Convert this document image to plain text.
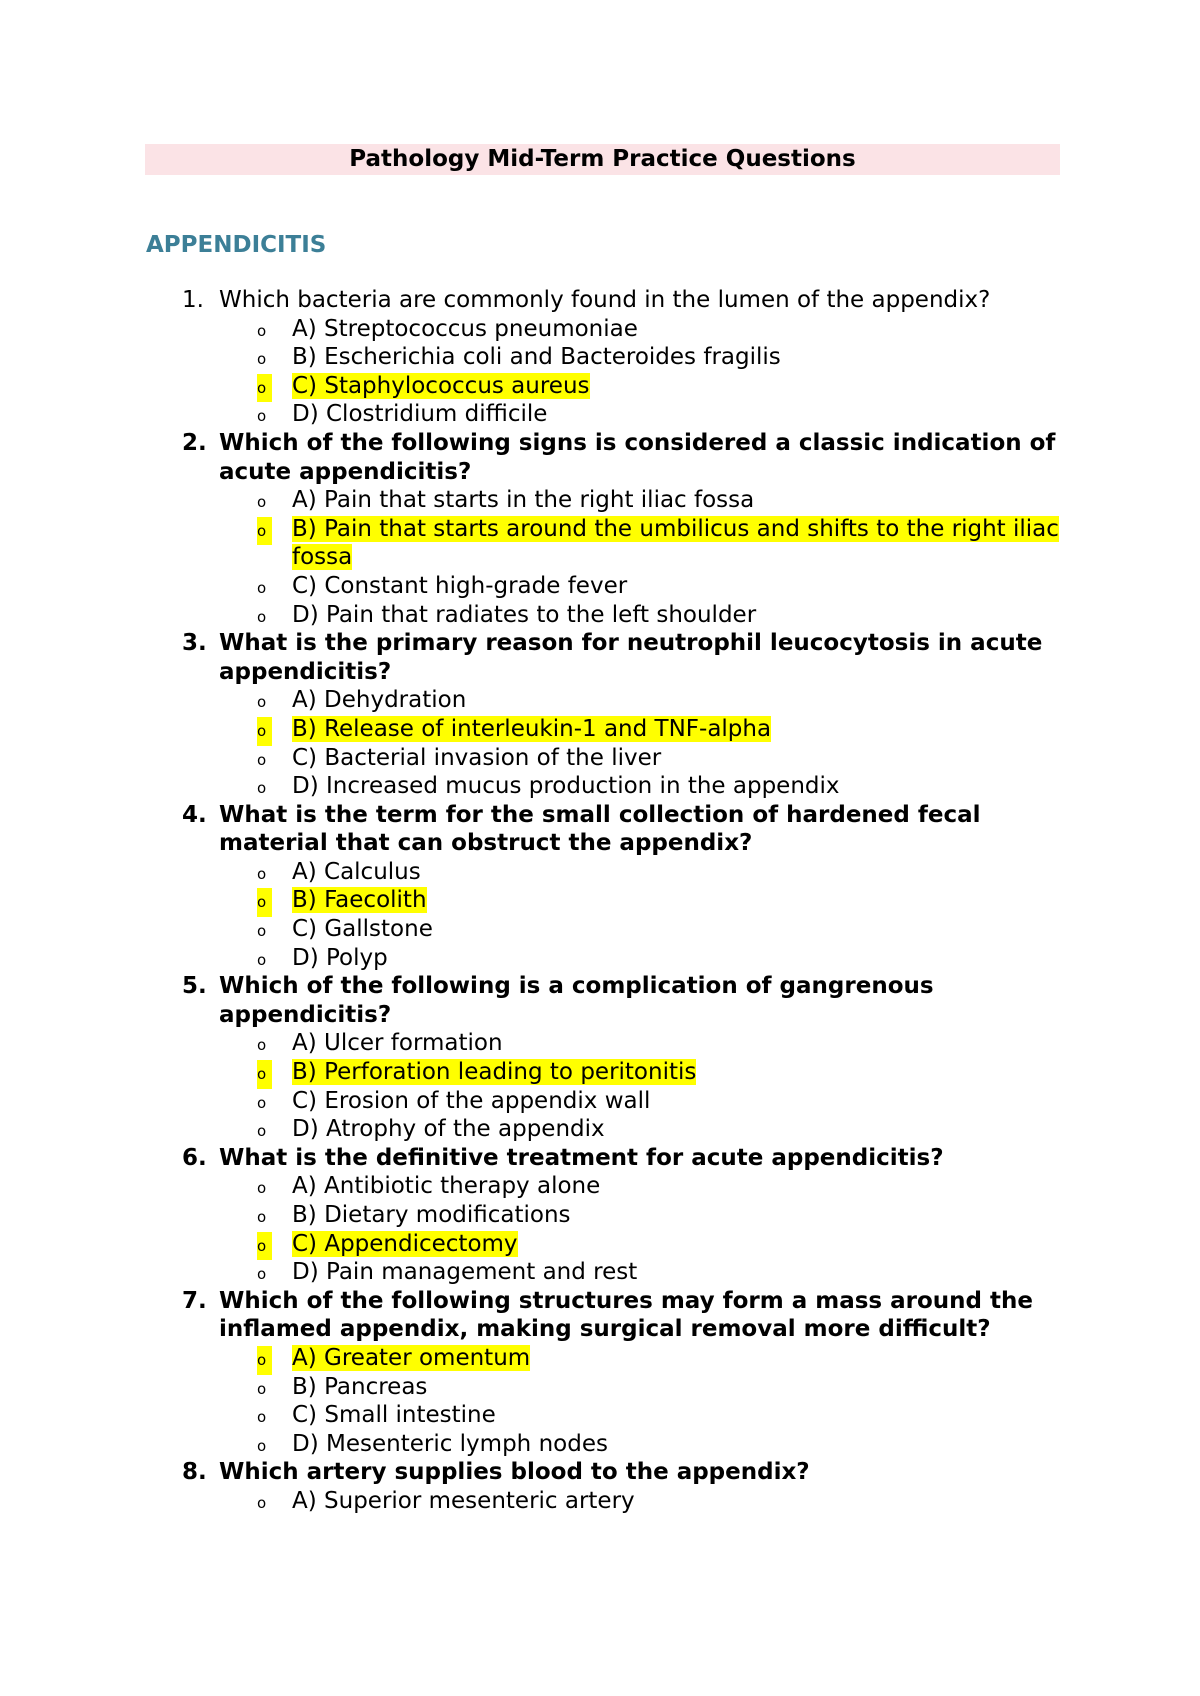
Pathology Mid-Term Practice Questions
APPENDICITIS
1. Which bacteria are commonly found in the lumen of the appendix?
o A) Streptococcus pneumoniae
o B) Escherichia coli and Bacteroides fragilis
o C) Staphylococcus aureus
o D) Clostridium difficile
2. Which of the following signs is considered a classic indication of acute appendicitis?
o A) Pain that starts in the right iliac fossa
o B) Pain that starts around the umbilicus and shifts to the right iliac fossa
o C) Constant high-grade fever
o D) Pain that radiates to the left shoulder
3. What is the primary reason for neutrophil leucocytosis in acute appendicitis?
o A) Dehydration
o B) Release of interleukin-1 and TNF-alpha
o C) Bacterial invasion of the liver
o D) Increased mucus production in the appendix
4. What is the term for the small collection of hardened fecal material that can obstruct the appendix?
o A) Calculus
o B) Faecolith
o C) Gallstone
o D) Polyp
5. Which of the following is a complication of gangrenous appendicitis?
o A) Ulcer formation
o B) Perforation leading to peritonitis
o C) Erosion of the appendix wall
o D) Atrophy of the appendix
6. What is the definitive treatment for acute appendicitis?
o A) Antibiotic therapy alone
o B) Dietary modifications
o C) Appendicectomy
o D) Pain management and rest
7. Which of the following structures may form a mass around the inflamed appendix, making surgical removal more difficult?
o A) Greater omentum
o B) Pancreas
o C) Small intestine
o D) Mesenteric lymph nodes
8. Which artery supplies blood to the appendix?
o A) Superior mesenteric artery
